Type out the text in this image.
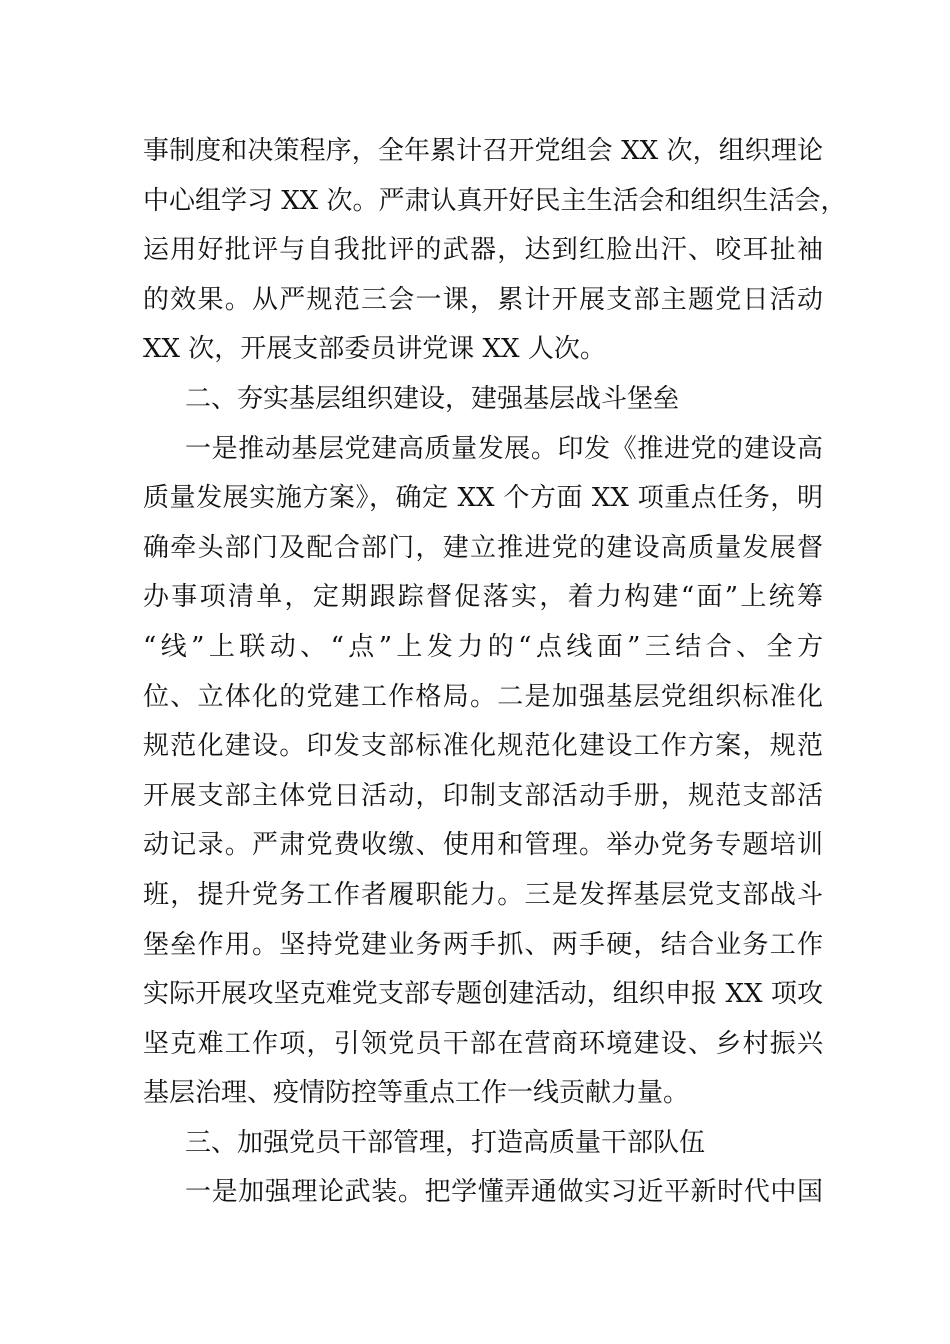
事制度和决策程序，全年累计召开党组会 XX 次，组织理论
中心组学习 XX 次。严肃认真开好民主生活会和组织生活会，
运用好批评与自我批评的武器，达到红脸出汗、咬耳扯袖
的效果。从严规范三会一课，累计开展支部主题党日活动
XX 次，开展支部委员讲党课 XX 人次。
二、夯实基层组织建设，建强基层战斗堡垒
一是推动基层党建高质量发展。印发《推进党的建设高
质量发展实施方案》，确定 XX 个方面 XX 项重点任务，明
确牵头部门及配合部门，建立推进党的建设高质量发展督
办事项清单，定期跟踪督促落实，着力构建“面”上统筹
“线”上联动、“点”上发力的“点线面”三结合、全方
位、立体化的党建工作格局。二是加强基层党组织标准化
规范化建设。印发支部标准化规范化建设工作方案，规范
开展支部主体党日活动，印制支部活动手册，规范支部活
动记录。严肃党费收缴、使用和管理。举办党务专题培训
班，提升党务工作者履职能力。三是发挥基层党支部战斗
堡垒作用。坚持党建业务两手抓、两手硬，结合业务工作
实际开展攻坚克难党支部专题创建活动，组织申报 XX 项攻
坚克难工作项，引领党员干部在营商环境建设、乡村振兴
基层治理、疫情防控等重点工作一线贡献力量。
三、加强党员干部管理，打造高质量干部队伍
一是加强理论武装。把学懂弄通做实习近平新时代中国
